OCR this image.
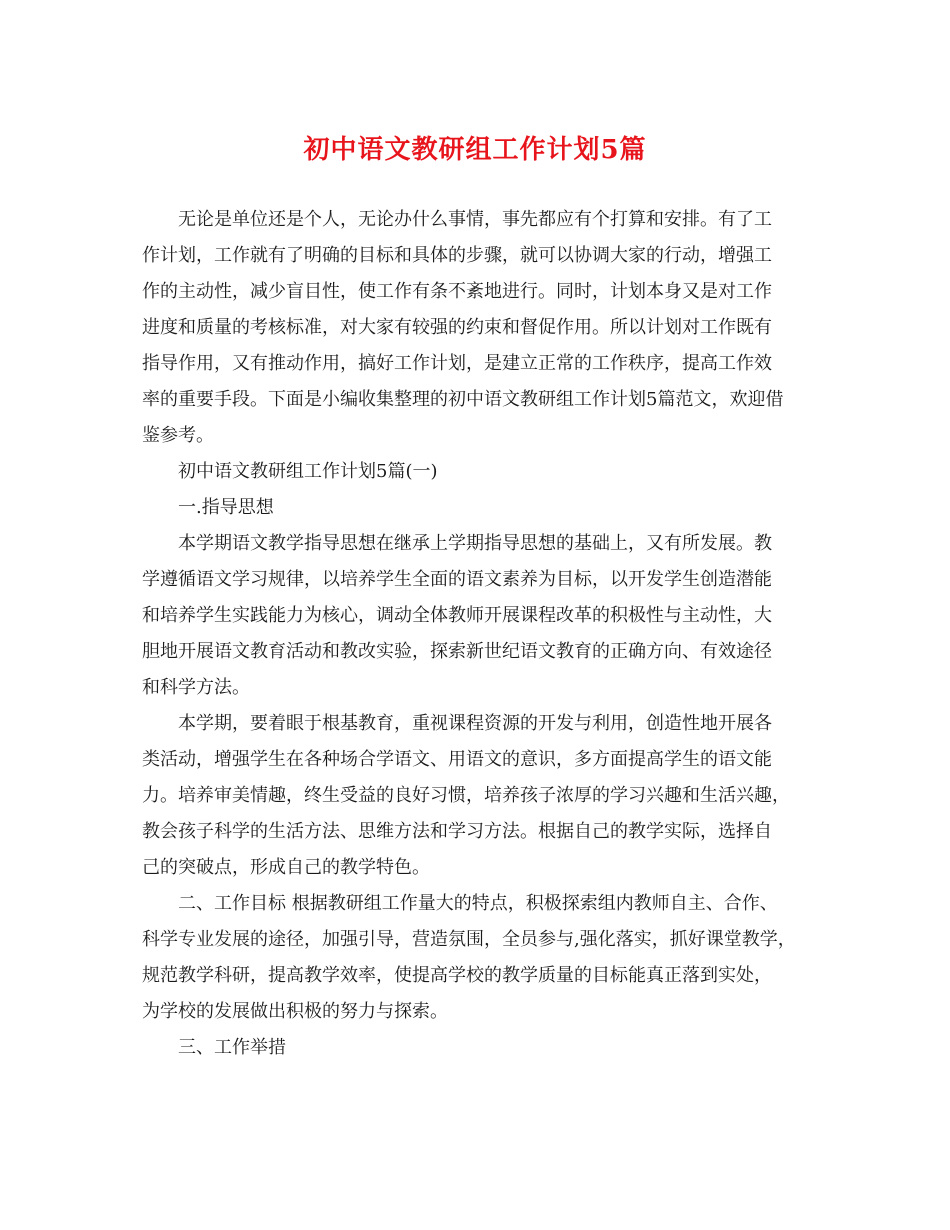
初中语文教研组工作计划5篇
无论是单位还是个人，无论办什么事情，事先都应有个打算和安排。有了工
作计划，工作就有了明确的目标和具体的步骤，就可以协调大家的行动，增强工
作的主动性，减少盲目性，使工作有条不紊地进行。同时，计划本身又是对工作
进度和质量的考核标准，对大家有较强的约束和督促作用。所以计划对工作既有
指导作用，又有推动作用，搞好工作计划，是建立正常的工作秩序，提高工作效
率的重要手段。下面是小编收集整理的初中语文教研组工作计划5篇范文，欢迎借
鉴参考。
初中语文教研组工作计划5篇(一)
一.指导思想
本学期语文教学指导思想在继承上学期指导思想的基础上，又有所发展。教
学遵循语文学习规律，以培养学生全面的语文素养为目标，以开发学生创造潜能
和培养学生实践能力为核心，调动全体教师开展课程改革的积极性与主动性，大
胆地开展语文教育活动和教改实验，探索新世纪语文教育的正确方向、有效途径
和科学方法。
本学期，要着眼于根基教育，重视课程资源的开发与利用，创造性地开展各
类活动，增强学生在各种场合学语文、用语文的意识，多方面提高学生的语文能
力。培养审美情趣，终生受益的良好习惯，培养孩子浓厚的学习兴趣和生活兴趣，
教会孩子科学的生活方法、思维方法和学习方法。根据自己的教学实际，选择自
己的突破点，形成自己的教学特色。
二、工作目标 根据教研组工作量大的特点，积极探索组内教师自主、合作、
科学专业发展的途径，加强引导，营造氛围，全员参与,强化落实，抓好课堂教学，
规范教学科研，提高教学效率，使提高学校的教学质量的目标能真正落到实处，
为学校的发展做出积极的努力与探索。
三、工作举措
